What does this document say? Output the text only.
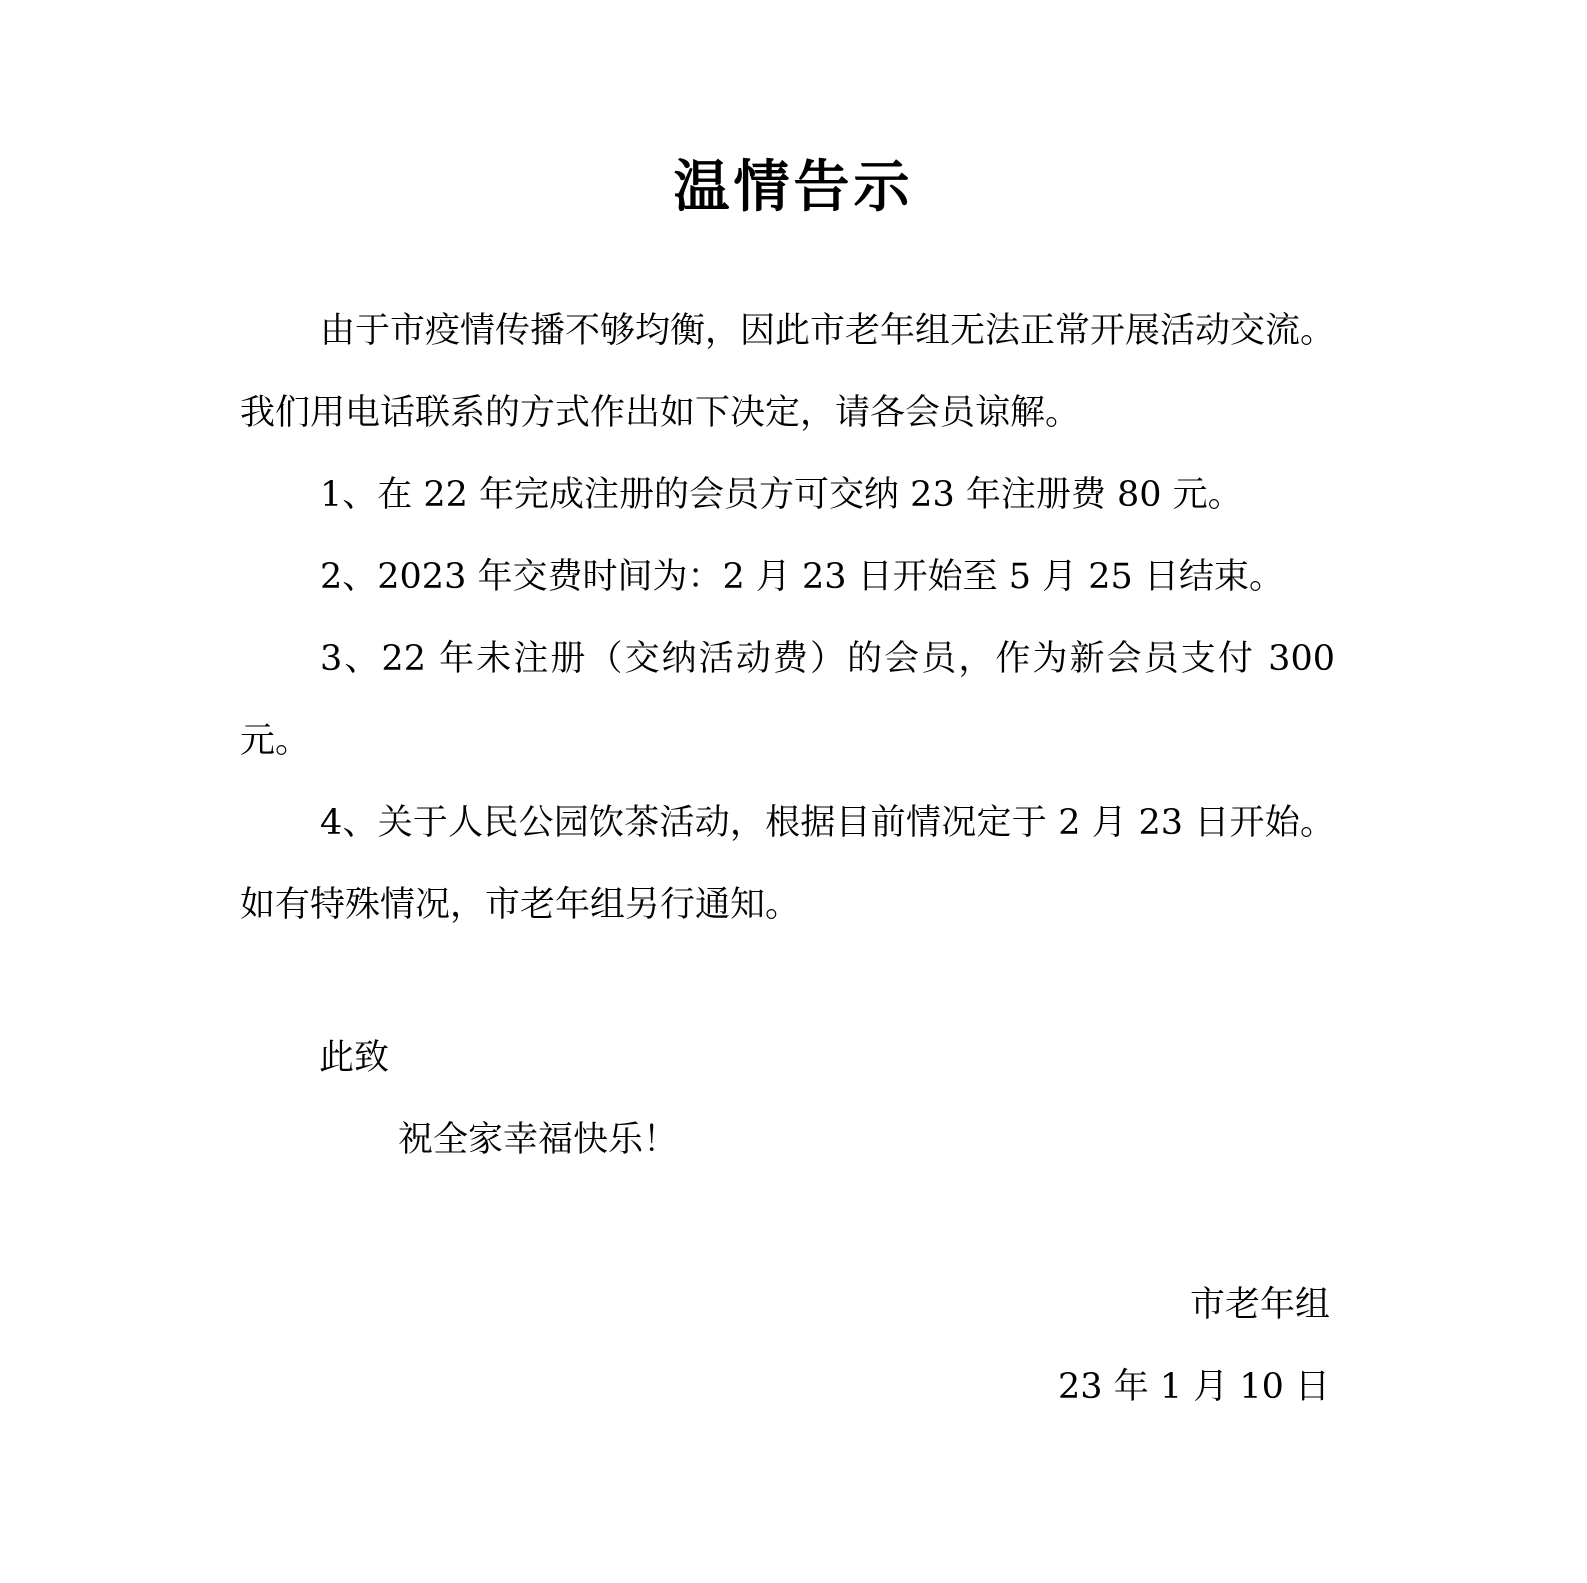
温情告示

由于市疫情传播不够均衡，因此市老年组无法正常开展活动交流。我们用电话联系的方式作出如下决定，请各会员谅解。

1、在 22 年完成注册的会员方可交纳 23 年注册费 80 元。

2、2023 年交费时间为：2 月 23 日开始至 5 月 25 日结束。

3、22 年未注册（交纳活动费）的会员，作为新会员支付 300 元。

4、关于人民公园饮茶活动，根据目前情况定于 2 月 23 日开始。如有特殊情况，市老年组另行通知。

此致
祝全家幸福快乐！
市老年组
23 年 1 月 10 日
